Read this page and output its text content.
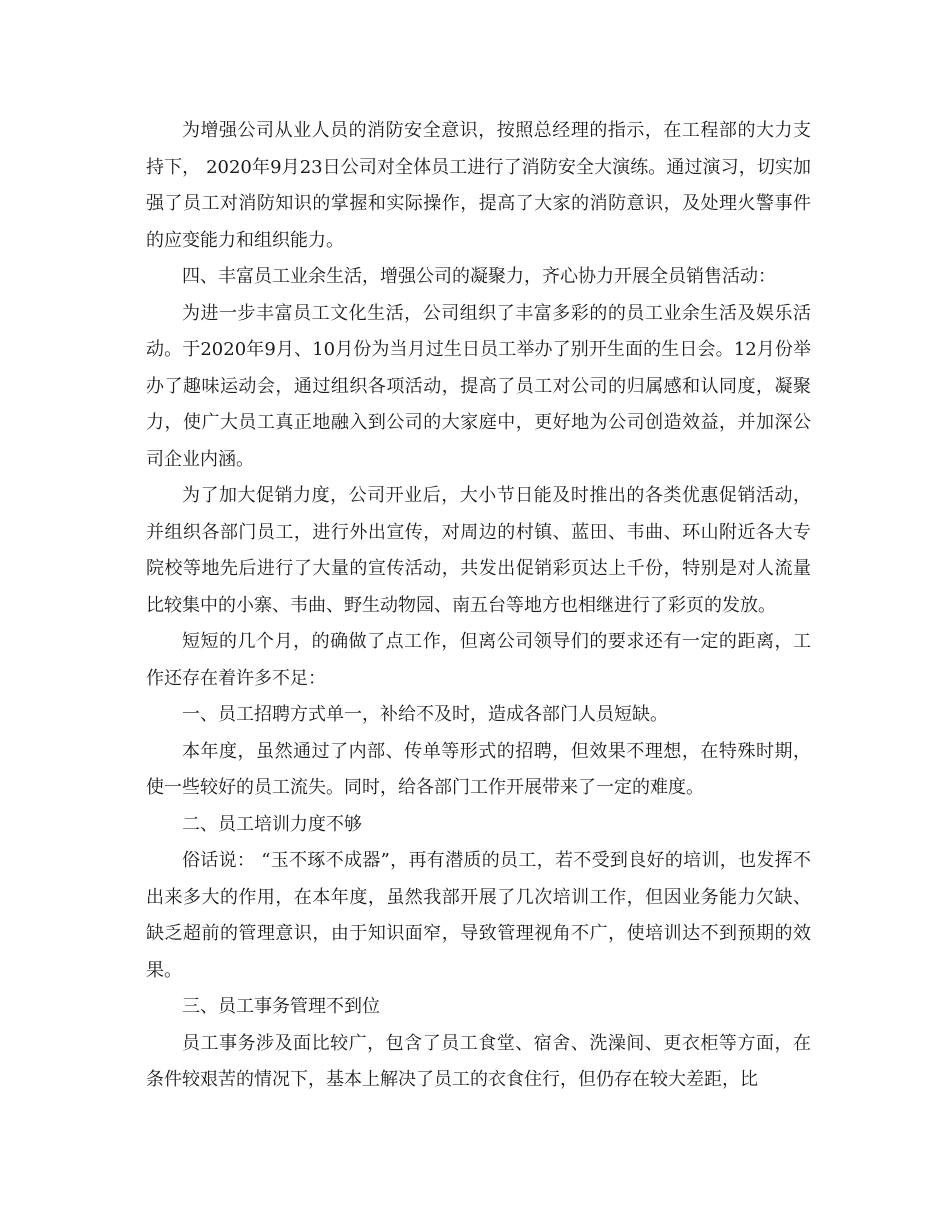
为增强公司从业人员的消防安全意识，按照总经理的指示，在工程部的大力支持下， 2020年9月23日公司对全体员工进行了消防安全大演练。通过演习，切实加强了员工对消防知识的掌握和实际操作，提高了大家的消防意识，及处理火警事件的应变能力和组织能力。

四、丰富员工业余生活，增强公司的凝聚力，齐心协力开展全员销售活动：

为进一步丰富员工文化生活，公司组织了丰富多彩的的员工业余生活及娱乐活动。于2020年9月、10月份为当月过生日员工举办了别开生面的生日会。12月份举办了趣味运动会，通过组织各项活动，提高了员工对公司的归属感和认同度，凝聚力，使广大员工真正地融入到公司的大家庭中，更好地为公司创造效益，并加深公司企业内涵。

为了加大促销力度，公司开业后，大小节日能及时推出的各类优惠促销活动，并组织各部门员工，进行外出宣传，对周边的村镇、蓝田、韦曲、环山附近各大专院校等地先后进行了大量的宣传活动，共发出促销彩页达上千份，特别是对人流量比较集中的小寨、韦曲、野生动物园、南五台等地方也相继进行了彩页的发放。

短短的几个月，的确做了点工作，但离公司领导们的要求还有一定的距离，工作还存在着许多不足：

一、员工招聘方式单一，补给不及时，造成各部门人员短缺。

本年度，虽然通过了内部、传单等形式的招聘，但效果不理想，在特殊时期，使一些较好的员工流失。同时，给各部门工作开展带来了一定的难度。

二、员工培训力度不够

俗话说： “玉不琢不成器”，再有潜质的员工，若不受到良好的培训，也发挥不出来多大的作用，在本年度，虽然我部开展了几次培训工作，但因业务能力欠缺、缺乏超前的管理意识，由于知识面窄，导致管理视角不广，使培训达不到预期的效果。

三、员工事务管理不到位

员工事务涉及面比较广，包含了员工食堂、宿舍、洗澡间、更衣柜等方面，在条件较艰苦的情况下，基本上解决了员工的衣食住行，但仍存在较大差距，比
